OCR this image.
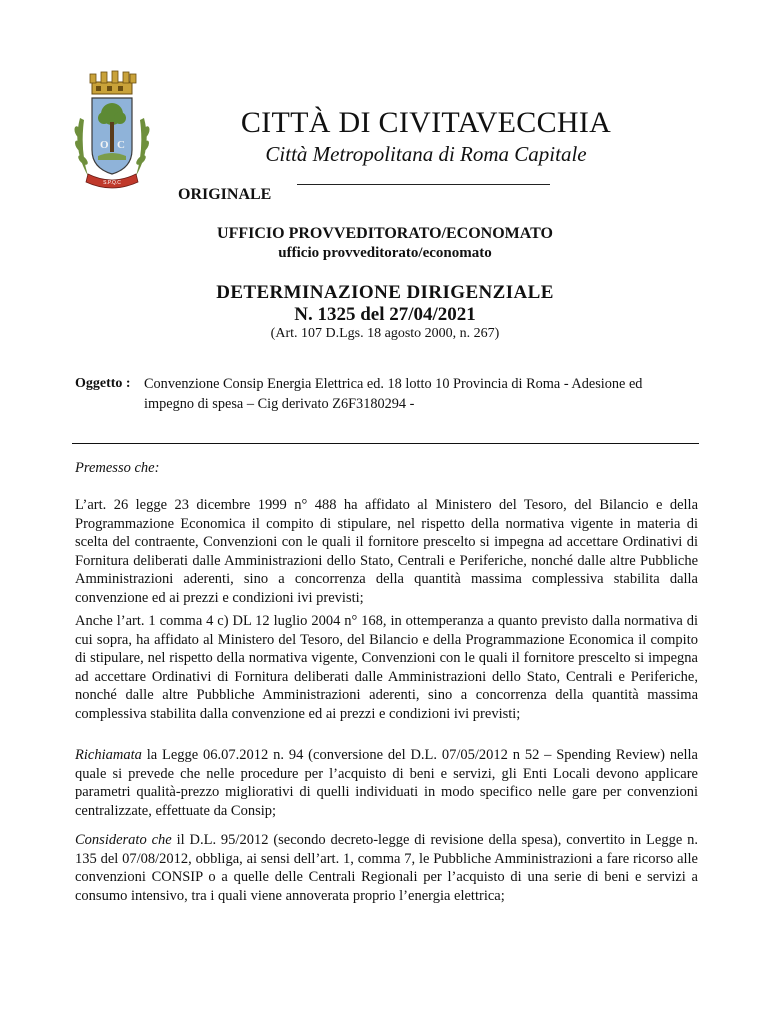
O C
S.P.Q.C
CITTÀ DI CIVITAVECCHIA
Città Metropolitana di Roma Capitale
ORIGINALE
UFFICIO PROVVEDITORATO/ECONOMATO
ufficio provveditorato/economato
DETERMINAZIONE DIRIGENZIALE
N. 1325 del 27/04/2021
(Art. 107 D.Lgs. 18 agosto 2000, n. 267)
Oggetto : Convenzione Consip Energia Elettrica ed. 18 lotto 10 Provincia di Roma - Adesione ed impegno di spesa – Cig derivato Z6F3180294 -
Premesso che:
L’art. 26 legge 23 dicembre 1999 n° 488 ha affidato al Ministero del Tesoro, del Bilancio e della Programmazione Economica il compito di stipulare, nel rispetto della normativa vigente in materia di scelta del contraente, Convenzioni con le quali il fornitore prescelto si impegna ad accettare Ordinativi di Fornitura deliberati dalle Amministrazioni dello Stato, Centrali e Periferiche, nonché dalle altre Pubbliche Amministrazioni aderenti, sino a concorrenza della quantità massima complessiva stabilita dalla convenzione ed ai prezzi e condizioni ivi previsti;
Anche l’art. 1 comma 4 c) DL 12 luglio 2004 n° 168, in ottemperanza a quanto previsto dalla normativa di cui sopra, ha affidato al Ministero del Tesoro, del Bilancio e della Programmazione Economica il compito di stipulare, nel rispetto della normativa vigente, Convenzioni con le quali il fornitore prescelto si impegna ad accettare Ordinativi di Fornitura deliberati dalle Amministrazioni dello Stato, Centrali e Periferiche, nonché dalle altre Pubbliche Amministrazioni aderenti, sino a concorrenza della quantità massima complessiva stabilita dalla convenzione ed ai prezzi e condizioni ivi previsti;
Richiamata la Legge 06.07.2012 n. 94 (conversione del D.L. 07/05/2012 n 52 – Spending Review) nella quale si prevede che nelle procedure per l’acquisto di beni e servizi, gli Enti Locali devono applicare parametri qualità-prezzo migliorativi di quelli individuati in modo specifico nelle gare per convenzioni centralizzate, effettuate da Consip;
Considerato che il D.L. 95/2012 (secondo decreto-legge di revisione della spesa), convertito in Legge n. 135 del 07/08/2012, obbliga, ai sensi dell’art. 1, comma 7, le Pubbliche Amministrazioni a fare ricorso alle convenzioni CONSIP o a quelle delle Centrali Regionali per l’acquisto di una serie di beni e servizi a consumo intensivo, tra i quali viene annoverata proprio l’energia elettrica;
